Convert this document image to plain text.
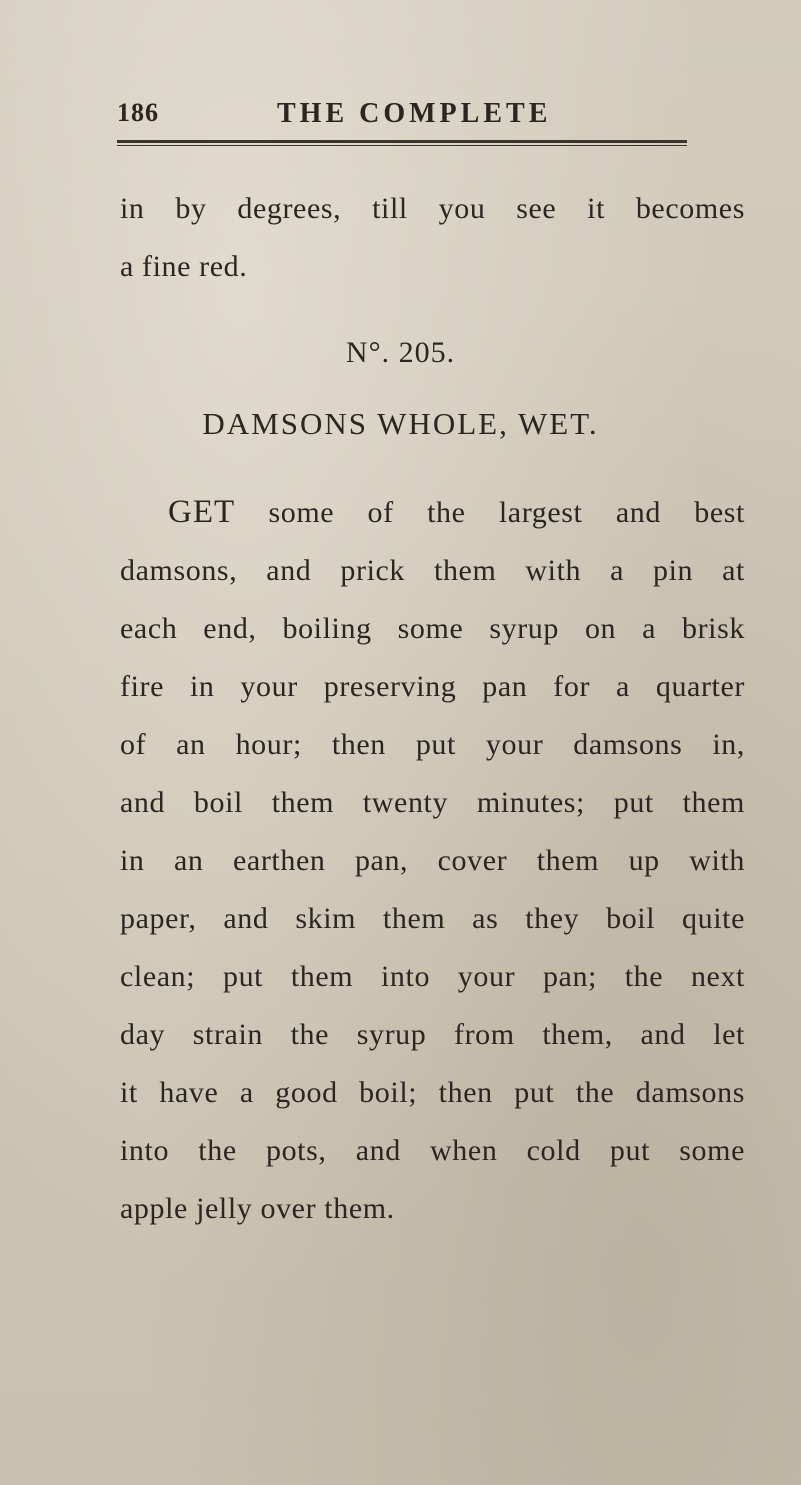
186	THE COMPLETE
in by degrees, till you see it becomes
a fine red.
N°. 205.
DAMSONS WHOLE, WET.
GET some of the largest and best
damsons, and prick them with a pin at
each end, boiling some syrup on a brisk
fire in your preserving pan for a quarter
of an hour; then put your damsons in,
and boil them twenty minutes; put them
in an earthen pan, cover them up with
paper, and skim them as they boil quite
clean; put them into your pan; the next
day strain the syrup from them, and let
it have a good boil; then put the damsons
into the pots, and when cold put some
apple jelly over them.
